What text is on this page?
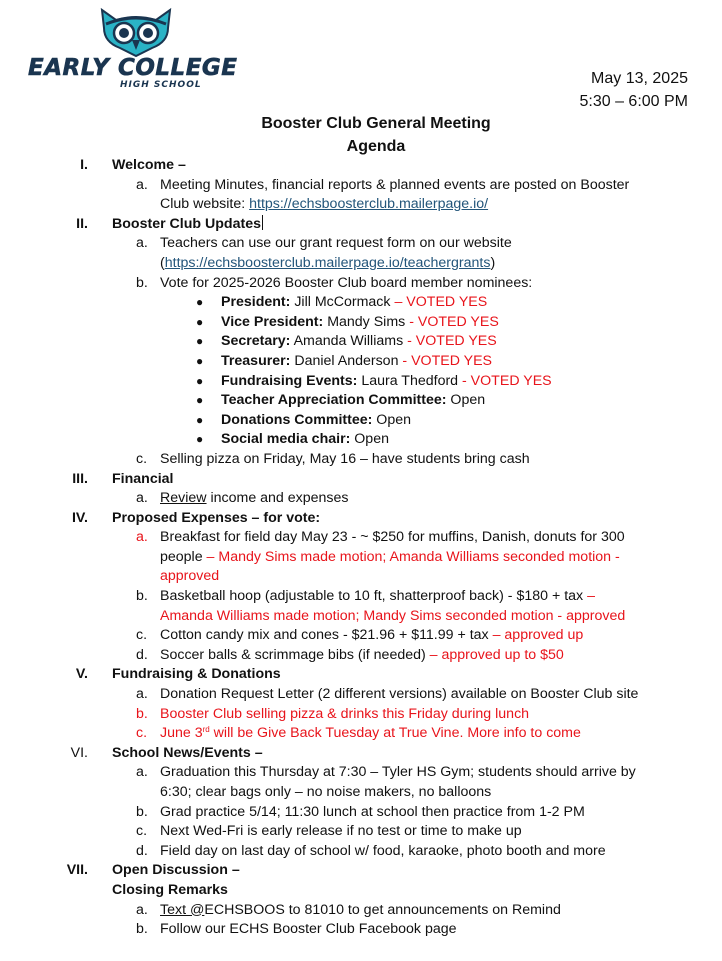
EARLY COLLEGE
HIGH SCHOOL	May 13, 2025
5:30 – 6:00 PM
Booster Club General Meeting
Agenda
I. Welcome –
a. Meeting Minutes, financial reports & planned events are posted on Booster
Club website: https://echsboosterclub.mailerpage.io/
II. Booster Club Updates
a. Teachers can use our grant request form on our website
(https://echsboosterclub.mailerpage.io/teachergrants)
b. Vote for 2025-2026 Booster Club board member nominees:
● President: Jill McCormack – VOTED YES
● Vice President: Mandy Sims - VOTED YES
● Secretary: Amanda Williams - VOTED YES
● Treasurer: Daniel Anderson - VOTED YES
● Fundraising Events: Laura Thedford - VOTED YES
● Teacher Appreciation Committee: Open
● Donations Committee: Open
● Social media chair: Open
c. Selling pizza on Friday, May 16 – have students bring cash
III. Financial
a. Review income and expenses
IV. Proposed Expenses – for vote:
a. Breakfast for field day May 23 - ~ $250 for muffins, Danish, donuts for 300
people – Mandy Sims made motion; Amanda Williams seconded motion -
approved
b. Basketball hoop (adjustable to 10 ft, shatterproof back) - $180 + tax –
Amanda Williams made motion; Mandy Sims seconded motion - approved
c. Cotton candy mix and cones - $21.96 + $11.99 + tax – approved up
d. Soccer balls & scrimmage bibs (if needed) – approved up to $50
V. Fundraising & Donations
a. Donation Request Letter (2 different versions) available on Booster Club site
b. Booster Club selling pizza & drinks this Friday during lunch
c. June 3rd will be Give Back Tuesday at True Vine. More info to come
VI. School News/Events –
a. Graduation this Thursday at 7:30 – Tyler HS Gym; students should arrive by
6:30; clear bags only – no noise makers, no balloons
b. Grad practice 5/14; 11:30 lunch at school then practice from 1-2 PM
c. Next Wed-Fri is early release if no test or time to make up
d. Field day on last day of school w/ food, karaoke, photo booth and more
VII. Open Discussion –
Closing Remarks
a. Text @ECHSBOOS to 81010 to get announcements on Remind
b. Follow our ECHS Booster Club Facebook page
